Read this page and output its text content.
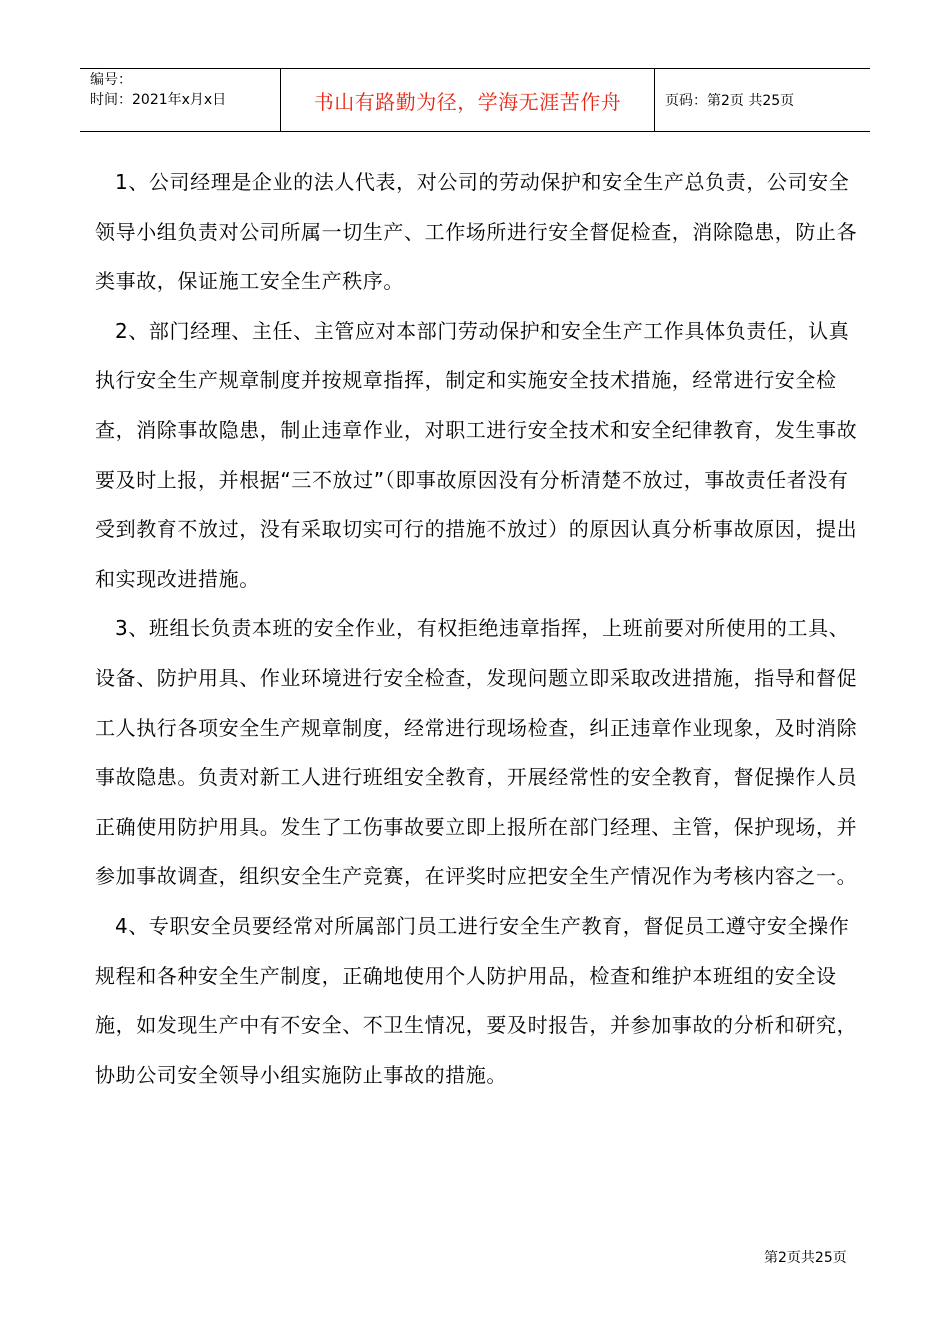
编号：
时间：2021年x月x日	书山有路勤为径，学海无涯苦作舟	页码：第2页 共25页

1、公司经理是企业的法人代表，对公司的劳动保护和安全生产总负责，公司安全领导小组负责对公司所属一切生产、工作场所进行安全督促检查，消除隐患，防止各类事故，保证施工安全生产秩序。

2、部门经理、主任、主管应对本部门劳动保护和安全生产工作具体负责任，认真执行安全生产规章制度并按规章指挥，制定和实施安全技术措施，经常进行安全检查，消除事故隐患，制止违章作业，对职工进行安全技术和安全纪律教育，发生事故要及时上报，并根据“三不放过”（即事故原因没有分析清楚不放过，事故责任者没有受到教育不放过，没有采取切实可行的措施不放过）的原因认真分析事故原因，提出和实现改进措施。

3、班组长负责本班的安全作业，有权拒绝违章指挥，上班前要对所使用的工具、设备、防护用具、作业环境进行安全检查，发现问题立即采取改进措施，指导和督促工人执行各项安全生产规章制度，经常进行现场检查，纠正违章作业现象，及时消除事故隐患。负责对新工人进行班组安全教育，开展经常性的安全教育，督促操作人员正确使用防护用具。发生了工伤事故要立即上报所在部门经理、主管，保护现场，并参加事故调查，组织安全生产竞赛，在评奖时应把安全生产情况作为考核内容之一。

4、专职安全员要经常对所属部门员工进行安全生产教育，督促员工遵守安全操作规程和各种安全生产制度，正确地使用个人防护用品，检查和维护本班组的安全设施，如发现生产中有不安全、不卫生情况，要及时报告，并参加事故的分析和研究，协助公司安全领导小组实施防止事故的措施。

第2页共25页
